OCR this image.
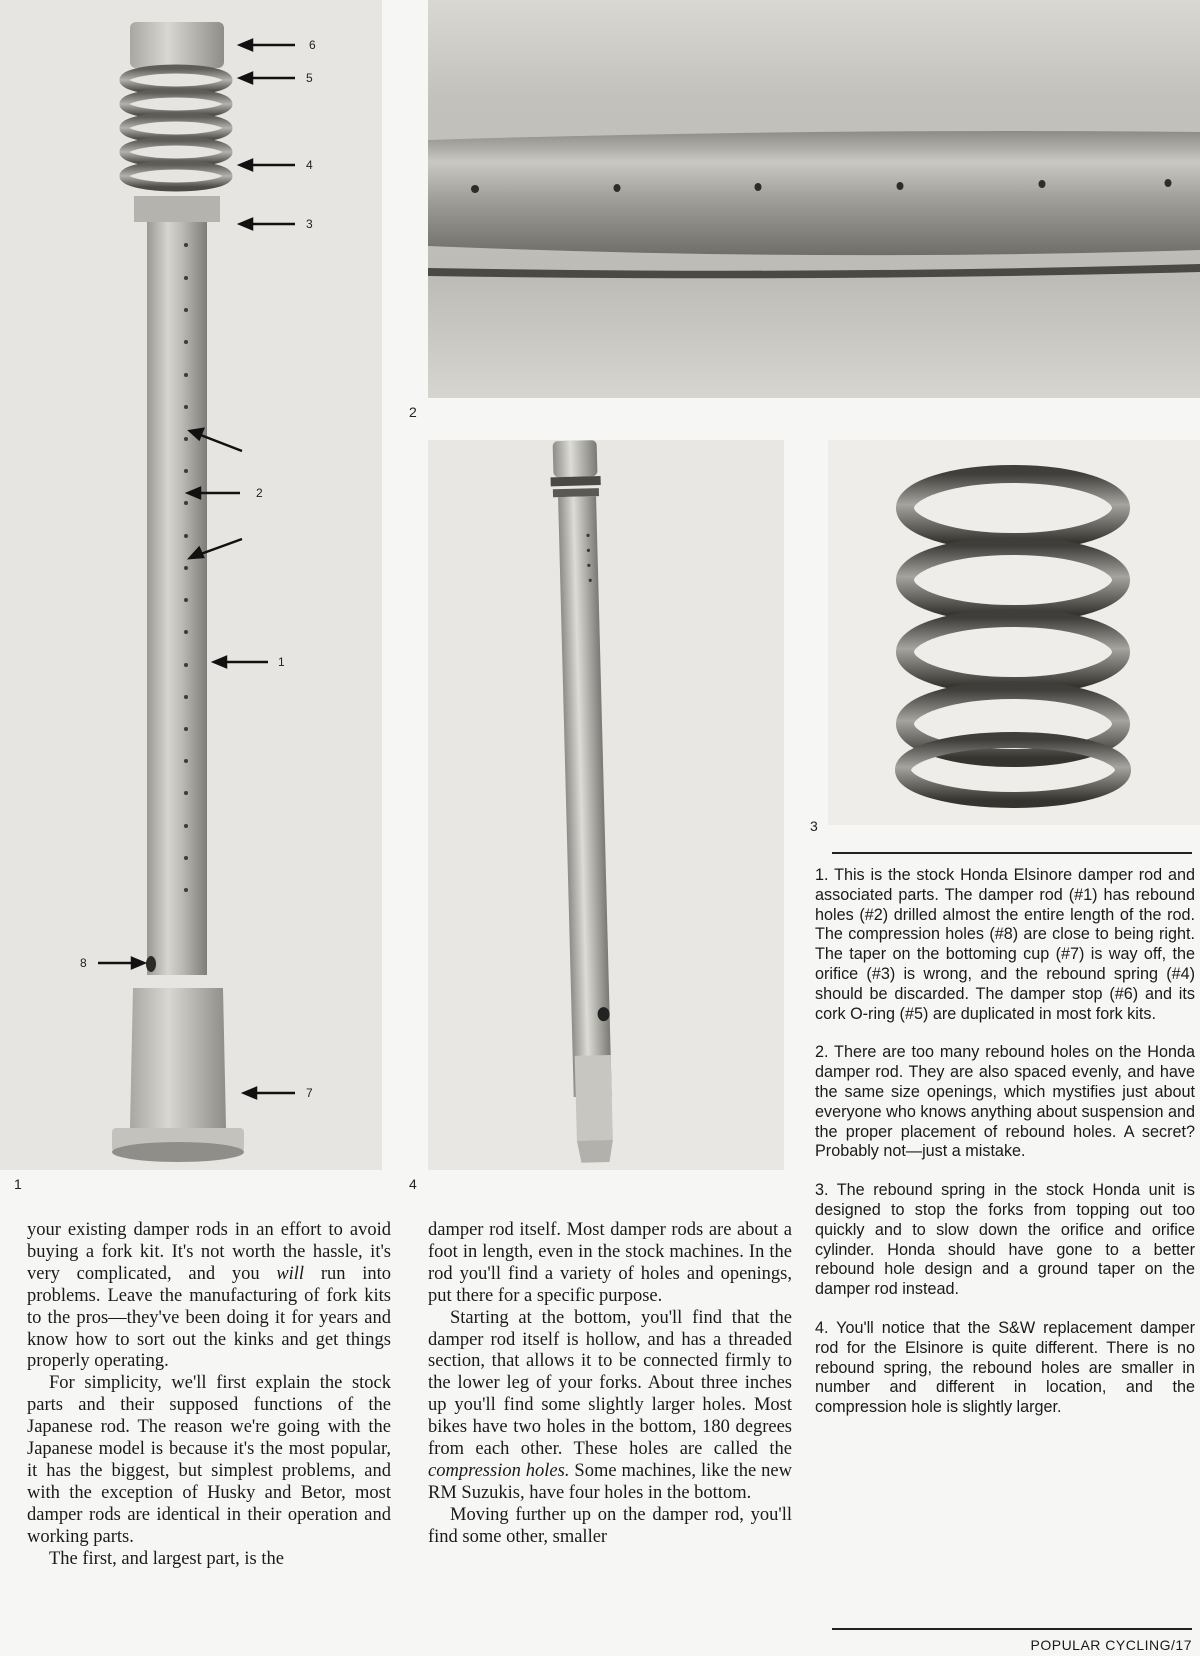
6
5
4
3
2
1
8
7
1
2
4
3

your existing damper rods in an effort to avoid buying a fork kit. It's not worth the hassle, it's very complicated, and you will run into problems. Leave the manufacturing of fork kits to the pros—they've been doing it for years and know how to sort out the kinks and get things properly operating.

For simplicity, we'll first explain the stock parts and their supposed functions of the Japanese rod. The reason we're going with the Japanese model is because it's the most popular, it has the biggest, but simplest problems, and with the exception of Husky and Betor, most damper rods are identical in their operation and working parts.

The first, and largest part, is the

damper rod itself. Most damper rods are about a foot in length, even in the stock machines. In the rod you'll find a variety of holes and openings, put there for a specific purpose.

Starting at the bottom, you'll find that the damper rod itself is hollow, and has a threaded section, that allows it to be connected firmly to the lower leg of your forks. About three inches up you'll find some slightly larger holes. Most bikes have two holes in the bottom, 180 degrees from each other. These holes are called the compression holes. Some machines, like the new RM Suzukis, have four holes in the bottom.

Moving further up on the damper rod, you'll find some other, smaller

1. This is the stock Honda Elsinore damper rod and associated parts. The damper rod (#1) has rebound holes (#2) drilled almost the entire length of the rod. The compression holes (#8) are close to being right. The taper on the bottoming cup (#7) is way off, the orifice (#3) is wrong, and the rebound spring (#4) should be discarded. The damper stop (#6) and its cork O-ring (#5) are duplicated in most fork kits.

2. There are too many rebound holes on the Honda damper rod. They are also spaced evenly, and have the same size openings, which mystifies just about everyone who knows anything about suspension and the proper placement of rebound holes. A secret? Probably not—just a mistake.

3. The rebound spring in the stock Honda unit is designed to stop the forks from topping out too quickly and to slow down the orifice and orifice cylinder. Honda should have gone to a better rebound hole design and a ground taper on the damper rod instead.

4. You'll notice that the S&W replacement damper rod for the Elsinore is quite different. There is no rebound spring, the rebound holes are smaller in number and different in location, and the compression hole is slightly larger.

POPULAR CYCLING/17
